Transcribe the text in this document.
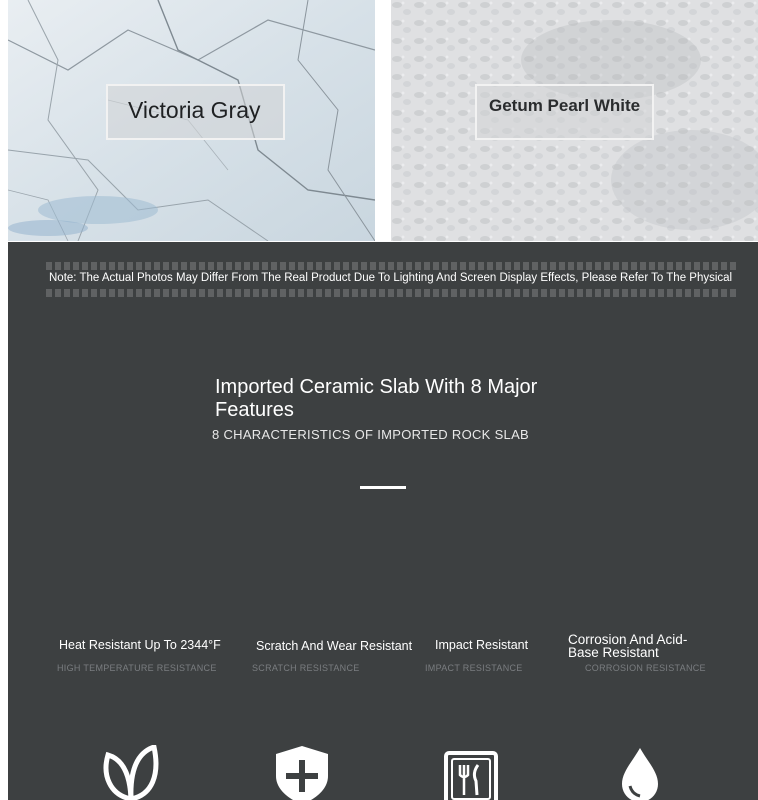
Victoria Gray	Getum Pearl White
Note: The Actual Photos May Differ From The Real Product Due To Lighting And Screen Display Effects, Please Refer To The Physical
Imported Ceramic Slab With 8 Major Features
8 CHARACTERISTICS OF IMPORTED ROCK SLAB
Heat Resistant Up To 2344°F
HIGH TEMPERATURE RESISTANCE
Scratch And Wear Resistant
SCRATCH RESISTANCE
Impact Resistant
IMPACT RESISTANCE
Corrosion And Acid-Base Resistant
CORROSION RESISTANCE
